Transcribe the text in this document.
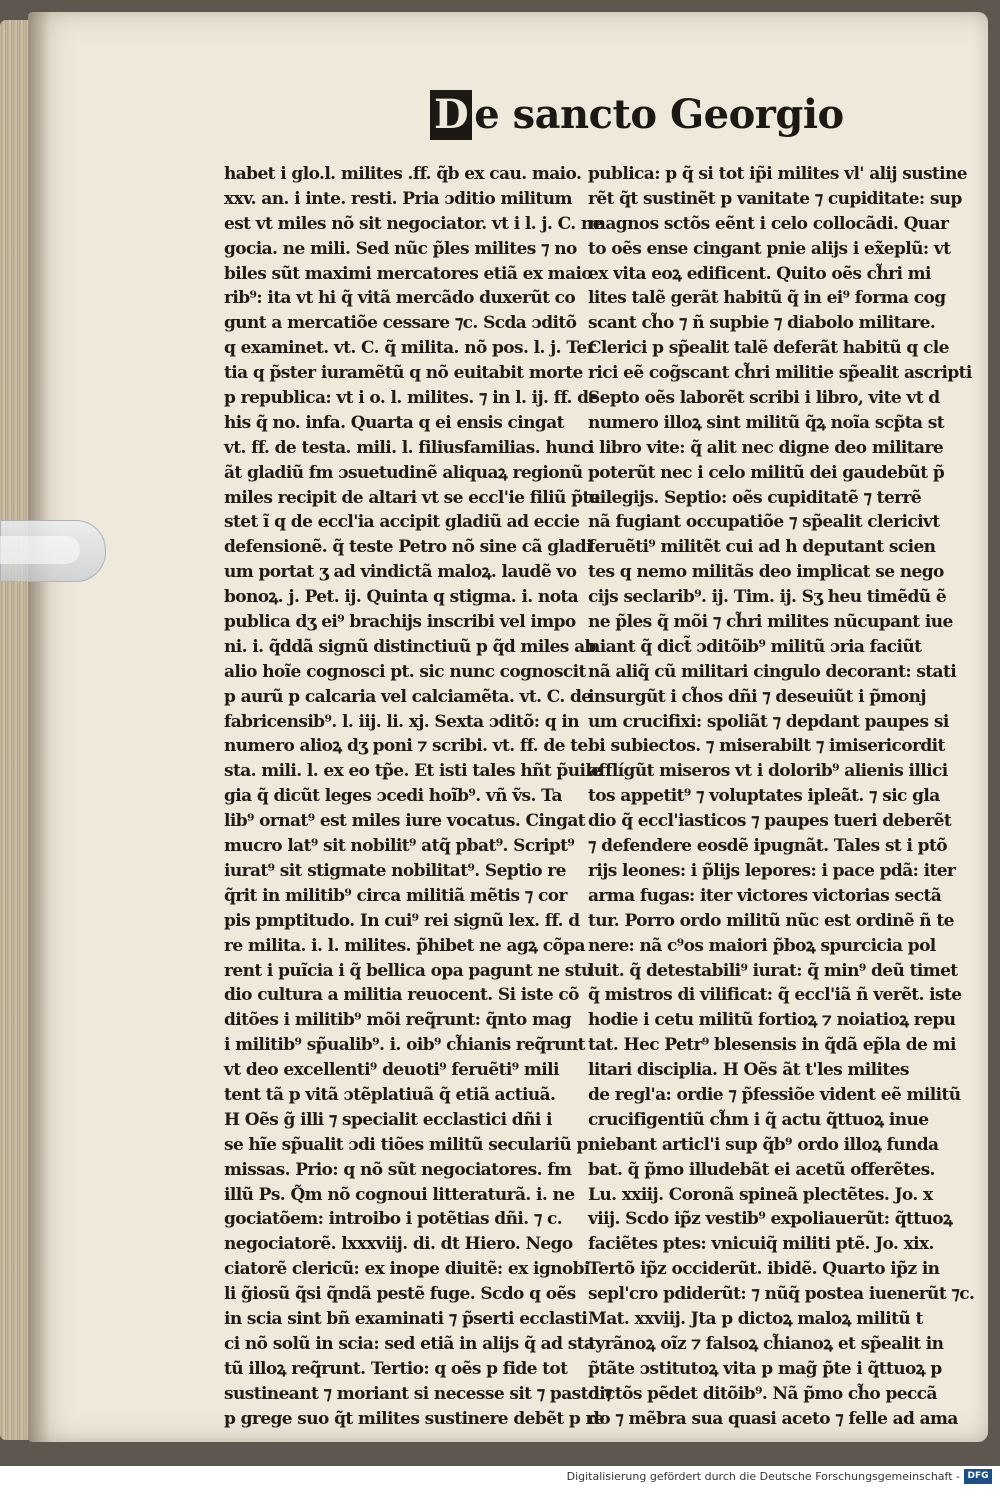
D e sancto Georgio
habet i glo.l. milites .ff. q̃b ex cau. maio.
xxv. an. i inte. resti. Pria ɔditio militum
est vt miles nõ sit negociator. vt i l. j. C. ne
gocia. ne mili. Sed nũc p̃les milites ⁊ no
biles sũt maximi mercatores etiã ex maio
rib⁹: ita vt hi q̃ vitã mercãdo duxerũt co
gunt a mercatiõe cessare ⁊c. Scda ɔditõ
q examinet. vt. C. q̃ milita. nõ pos. l. j. Ter
tia q p̃ster iuramẽtũ q nõ euitabit morte
p republica: vt i o. l. milites. ⁊ in l. ij. ff. de
his q̃ no. infa. Quarta q ei ensis cingat
vt. ff. de testa. mili. l. filiusfamilias. hunc
ãt gladiũ fm ɔsuetudinẽ aliquaꝝ regionũ
miles recipit de altari vt se eccl'ie filiũ p̃te
stet ĩ q de eccl'ia accipit gladiũ ad eccie
defensionẽ. q̃ teste Petro nõ sine cã gladi
um portat ʒ ad vindictã maloꝝ. laudẽ vo
bonoꝝ. j. Pet. ij. Quinta q stigma. i. nota
publica dʒ ei⁹ brachijs inscribi vel impo
ni. i. q̃ddã signũ distinctiuũ p q̃d miles ab
alio hoĩe cognosci pt. sic nunc cognoscit
p aurũ p calcaria vel calciamẽta. vt. C. de
fabricensib⁹. l. iij. li. xj. Sexta ɔditõ: q in
numero alioꝝ dʒ poni ⁊ scribi. vt. ff. de te
sta. mili. l. ex eo tp̃e. Et isti tales hñt p̃uile
gia q̃ dicũt leges ɔcedi hoĩb⁹. vñ ṽs. Ta
lib⁹ ornat⁹ est miles iure vocatus. Cingat
mucro lat⁹ sit nobilit⁹ atq̃ pbat⁹. Script⁹
iurat⁹ sit stigmate nobilitat⁹. Septio re
q̃rit in militib⁹ circa militiã mẽtis ⁊ cor
pis pmptitudo. In cui⁹ rei signũ lex. ff. d
re milita. i. l. milites. p̃hibet ne agꝝ cõpa
rent i puĩcia i q̃ bellica opa pagunt ne stu
dio cultura a militia reuocent. Si iste cõ
ditões i militib⁹ mõi req̃runt: q̃nto mag
i militib⁹ sp̃ualib⁹. i. oib⁹ ch̃ianis req̃runt
vt deo excellenti⁹ deuoti⁹ feruẽti⁹ mili
tent tã p vitã ɔtẽplatiuã q̃ etiã actiuã.
H Oẽs g̃ illi ⁊ specialit ecclastici dñi i
se hĩe sp̃ualit ɔdi tiões militũ seculariũ p
missas. Prio: q nõ sũt negociatores. fm
illũ Ps. Q̃m nõ cognoui litteraturã. i. ne
gociatõem: introibo i potẽtias dñi. ⁊ c.
negociatorẽ. lxxxviij. di. dt Hiero. Nego
ciatorẽ clericũ: ex inope diuitẽ: ex ignobi
li g̃iosũ q̃si q̃ndã pestẽ fuge. Scdo q oẽs
in scia sint bñ examinati ⁊ p̃serti ecclasti
ci nõ solũ in scia: sed etiã in alijs q̃ ad sta
tũ illoꝝ req̃runt. Tertio: q oẽs p fide tot
sustineant ⁊ moriant si necesse sit ⁊ pasto ⁊
p grege suo q̃t milites sustinere debẽt p re
publica: p q̃ si tot ip̃i milites vl' alij sustine
rẽt q̃t sustinẽt p vanitate ⁊ cupiditate: sup
magnos sctõs eẽnt i celo collocãdi. Quar
to oẽs ense cingant pnie alijs i ex̃eplũ: vt
ex vita eoꝝ edificent. Quito oẽs ch̃ri mi
lites talẽ gerãt habitũ q̃ in ei⁹ forma cog
scant ch̃o ⁊ ñ supbie ⁊ diabolo militare.
Clerici p sp̃ealit talẽ deferãt habitũ q cle
rici eẽ cog̃scant ch̃ri militie sp̃ealit ascripti
Septo oẽs laborẽt scribi i libro, vite vt d
numero illoꝝ sint militũ q̃ꝝ noĩa scp̃ta st
i libro vite: q̃ alit nec digne deo militare
poterũt nec i celo militũ dei gaudebũt p̃
uilegijs. Septio: oẽs cupiditatẽ ⁊ terrẽ
nã fugiant occupatiõe ⁊ sp̃ealit clericivt
feruẽti⁹ militẽt cui ad h deputant scien
tes q nemo militãs deo implicat se nego
cijs seclarib⁹. ij. Tim. ij. Sʒ heu timẽdũ ẽ
ne p̃les q̃ mõi ⁊ ch̃ri milites nũcupant iue
niant q̃ dict̃ ɔditõib⁹ militũ ɔria faciũt
nã aliq̃ cũ militari cingulo decorant: stati
insurgũt i ch̃os dñi ⁊ deseuiũt i p̃monj
um crucifixi: spoliãt ⁊ depdant paupes si
bi subiectos. ⁊ miserabilt ⁊ imisericordit
afflígũt miseros vt i dolorib⁹ alienis illici
tos appetit⁹ ⁊ voluptates ipleãt. ⁊ sic gla
dio q̃ eccl'iasticos ⁊ paupes tueri deberẽt
⁊ defendere eosdẽ ipugnãt. Tales st i ptõ
rijs leones: i p̃lijs lepores: i pace pdã: iter
arma fugas: iter victores victorias sectã
tur. Porro ordo militũ nũc est ordinẽ ñ te
nere: nã c⁹os maiori p̃boꝝ spurcicia pol
luit. q̃ detestabili⁹ iurat: q̃ min⁹ deũ timet
q̃ mistros di vilificat: q̃ eccl'iã ñ verẽt. iste
hodie i cetu militũ fortioꝝ ⁊ noiatioꝝ repu
tat. Hec Petr⁹ blesensis in q̃dã ep̃la de mi
litari disciplia. H Oẽs ãt t'les milites
de regl'a: ordie ⁊ p̃fessiõe vident eẽ militũ
crucifigentiũ ch̃m i q̃ actu q̃ttuoꝝ inue
niebant articl'i sup q̃b⁹ ordo illoꝝ funda
bat. q̃ p̃mo illudebãt ei acetũ offerẽtes.
Lu. xxiij. Coronã spineã plectẽtes. Jo. x
viij. Scdo ip̃z vestib⁹ expoliauerũt: q̃ttuoꝝ
faciẽtes ptes: vnicuiq̃ militi ptẽ. Jo. xix.
Tertõ ip̃z occiderũt. ibidẽ. Quarto ip̃z in
sepl'cro pdiderũt: ⁊ nũq̃ postea iuenerũt ⁊c.
Mat. xxviij. Jta p dictoꝝ maloꝝ militũ t
tyrãnoꝝ oĩz ⁊ falsoꝝ ch̃ianoꝝ et sp̃ealit in
p̃tãte ɔstitutoꝝ vita p mag̃ p̃te i q̃ttuoꝝ p
dictõs pẽdet ditõib⁹. Nã p̃mo ch̃o peccã
do ⁊ mẽbra sua quasi aceto ⁊ felle ad ama
Digitalisierung gefördert durch die Deutsche Forschungsgemeinschaft - DFG
